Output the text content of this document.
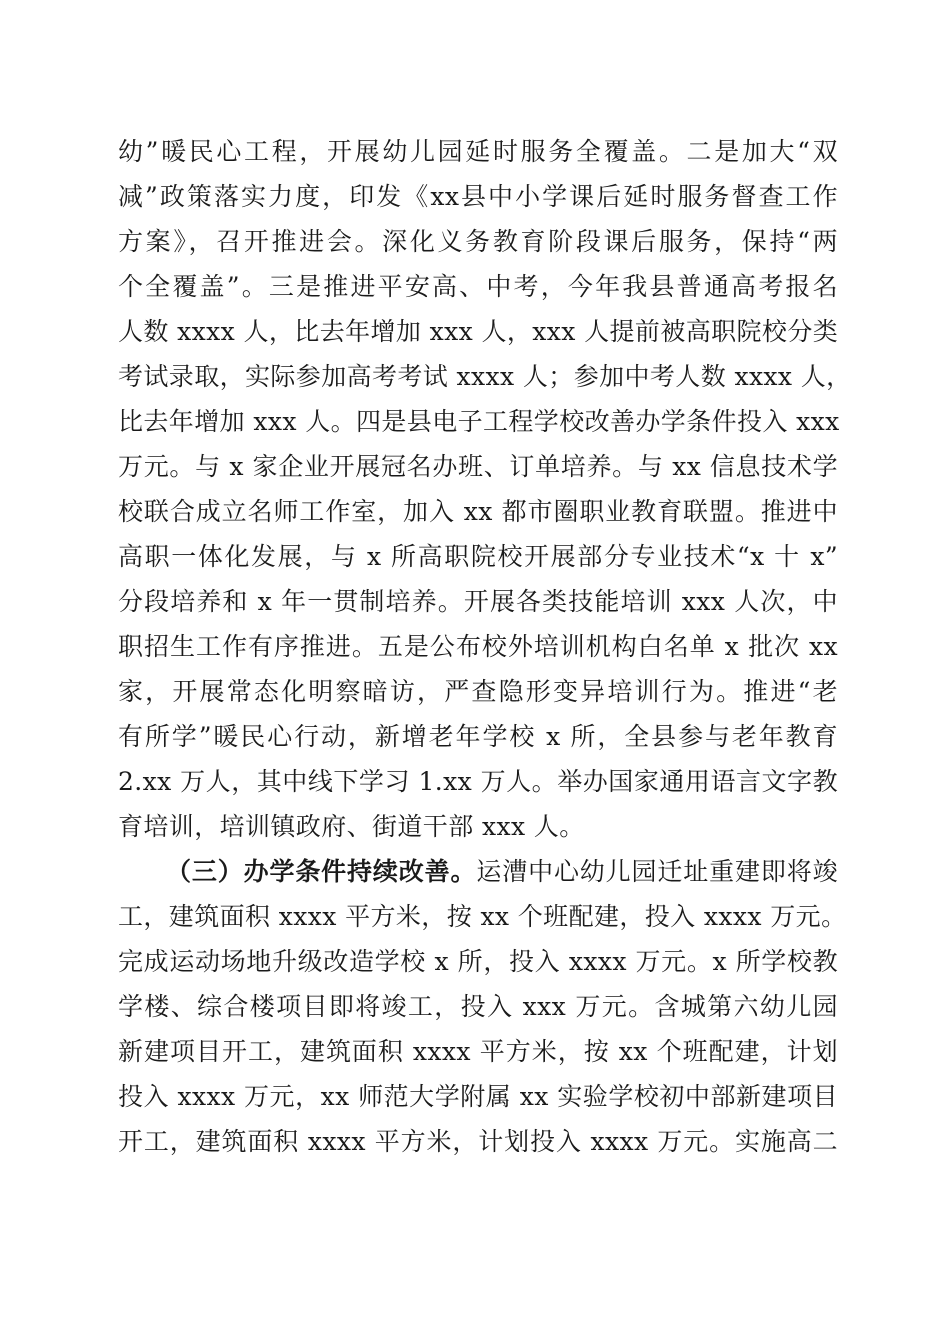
幼”暖民心工程，开展幼儿园延时服务全覆盖。二是加大“双
减”政策落实力度，印发《xx县中小学课后延时服务督查工作
方案》，召开推进会。深化义务教育阶段课后服务，保持“两
个全覆盖”。三是推进平安高、中考，今年我县普通高考报名
人数 xxxx 人，比去年增加 xxx 人，xxx 人提前被高职院校分类
考试录取，实际参加高考考试 xxxx 人；参加中考人数 xxxx 人，
比去年增加 xxx 人。四是县电子工程学校改善办学条件投入 xxx
万元。与 x 家企业开展冠名办班、订单培养。与 xx 信息技术学
校联合成立名师工作室，加入 xx 都市圈职业教育联盟。推进中
高职一体化发展，与 x 所高职院校开展部分专业技术“x 十 x”
分段培养和 x 年一贯制培养。开展各类技能培训 xxx 人次，中
职招生工作有序推进。五是公布校外培训机构白名单 x 批次 xx
家，开展常态化明察暗访，严查隐形变异培训行为。推进“老
有所学”暖民心行动，新增老年学校 x 所，全县参与老年教育
2.xx 万人，其中线下学习 1.xx 万人。举办国家通用语言文字教
育培训，培训镇政府、街道干部 xxx 人。
（三）办学条件持续改善。运漕中心幼儿园迁址重建即将竣
工，建筑面积 xxxx 平方米，按 xx 个班配建，投入 xxxx 万元。
完成运动场地升级改造学校 x 所，投入 xxxx 万元。x 所学校教
学楼、综合楼项目即将竣工，投入 xxx 万元。含城第六幼儿园
新建项目开工，建筑面积 xxxx 平方米，按 xx 个班配建，计划
投入 xxxx 万元，xx 师范大学附属 xx 实验学校初中部新建项目
开工，建筑面积 xxxx 平方米，计划投入 xxxx 万元。实施高二
